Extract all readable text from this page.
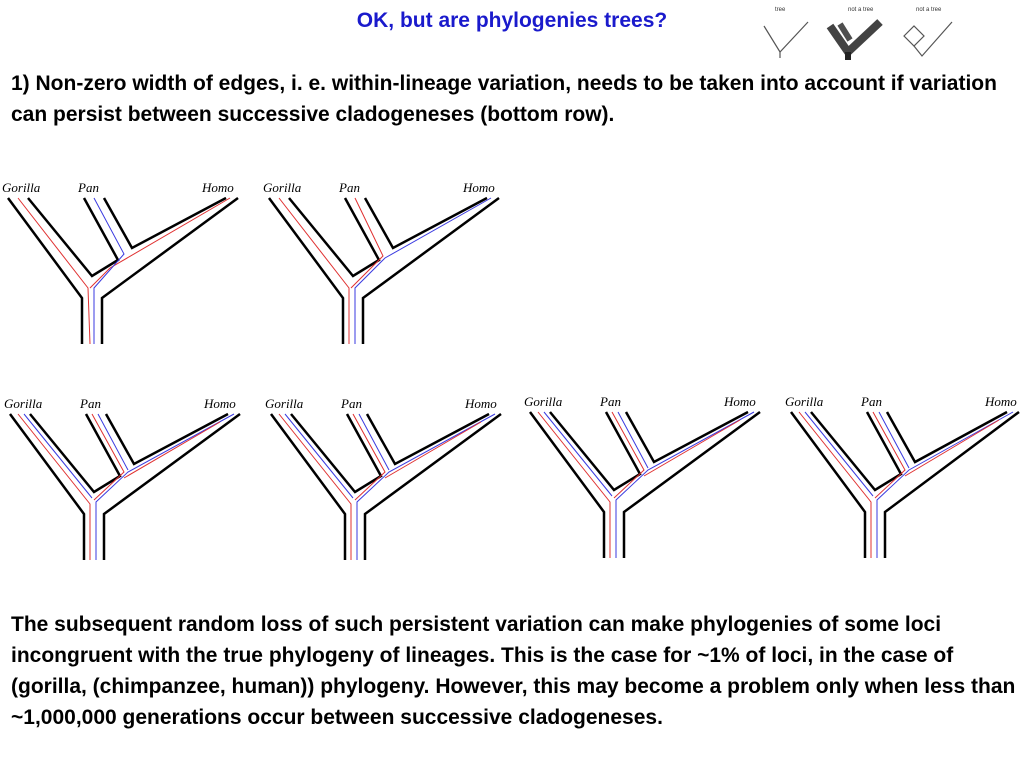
OK, but are phylogenies trees?	tree	not a tree	not a tree
1) Non-zero width of edges, i. e. within-lineage variation, needs to be taken into account if variation can persist between successive cladogeneses (bottom row).
Gorilla	Pan	Homo Gorilla	Pan	Homo
Gorilla	Pan	Homo Gorilla	Pan	Homo Gorilla	Pan	Homo Gorilla	Pan	Homo
The subsequent random loss of such persistent variation can make phylogenies of some loci incongruent with the true phylogeny of lineages. This is the case for ~1% of loci, in the case of (gorilla, (chimpanzee, human)) phylogeny. However, this may become a problem only when less than ~1,000,000 generations occur between successive cladogeneses.
